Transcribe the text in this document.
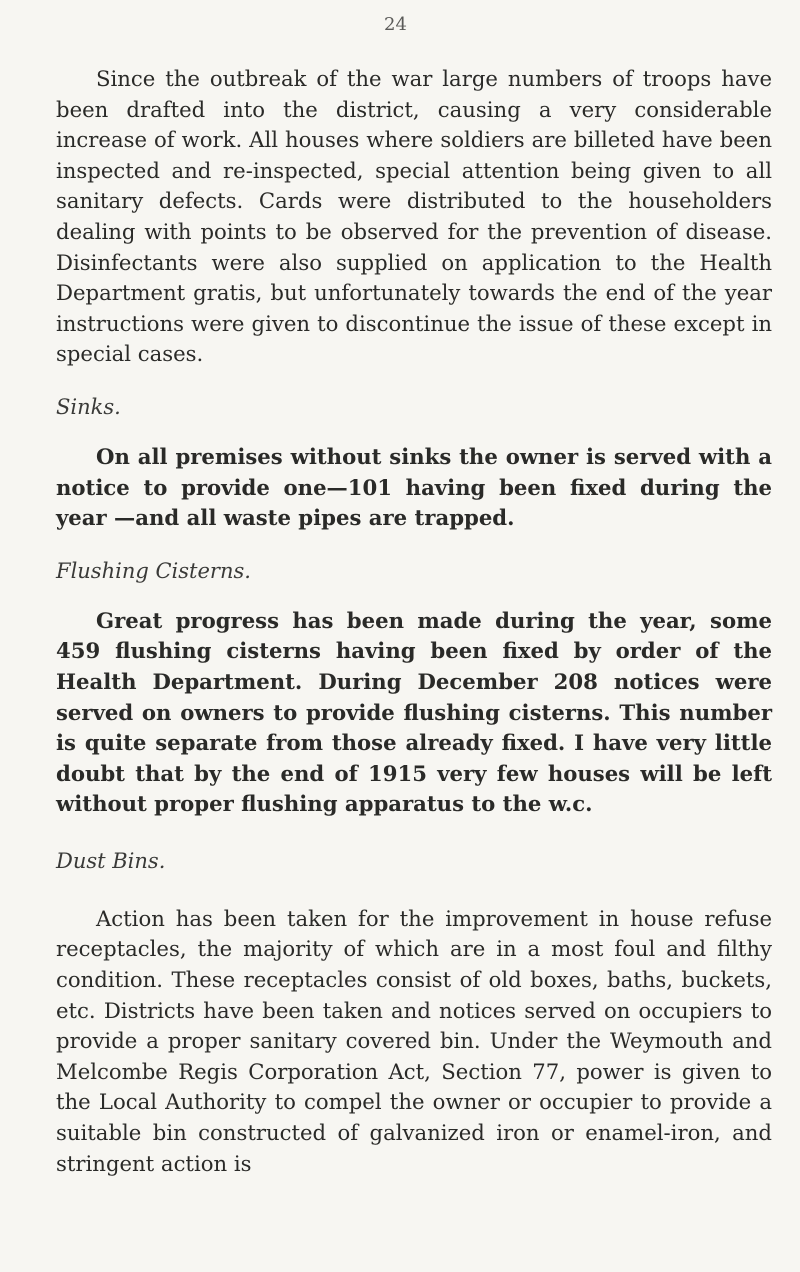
24

Since the outbreak of the war large numbers of troops have been drafted into the district, causing a very considerable increase of work. All houses where soldiers are billeted have been inspected and re-inspected, special attention being given to all sanitary defects. Cards were distributed to the householders dealing with points to be observed for the prevention of disease. Disinfectants were also supplied on application to the Health Department gratis, but unfortunately towards the end of the year instructions were given to discontinue the issue of these except in special cases.

Sinks.

On all premises without sinks the owner is served with a notice to provide one—101 having been fixed during the year —and all waste pipes are trapped.

Flushing Cisterns.

Great progress has been made during the year, some 459 flushing cisterns having been fixed by order of the Health Department. During December 208 notices were served on owners to provide flushing cisterns. This number is quite separate from those already fixed. I have very little doubt that by the end of 1915 very few houses will be left without proper flushing apparatus to the w.c.

Dust Bins.

Action has been taken for the improvement in house refuse receptacles, the majority of which are in a most foul and filthy condition. These receptacles consist of old boxes, baths, buckets, etc. Districts have been taken and notices served on occupiers to provide a proper sanitary covered bin. Under the Weymouth and Melcombe Regis Corporation Act, Section 77, power is given to the Local Authority to compel the owner or occupier to provide a suitable bin constructed of galvanized iron or enamel-iron, and stringent action is
